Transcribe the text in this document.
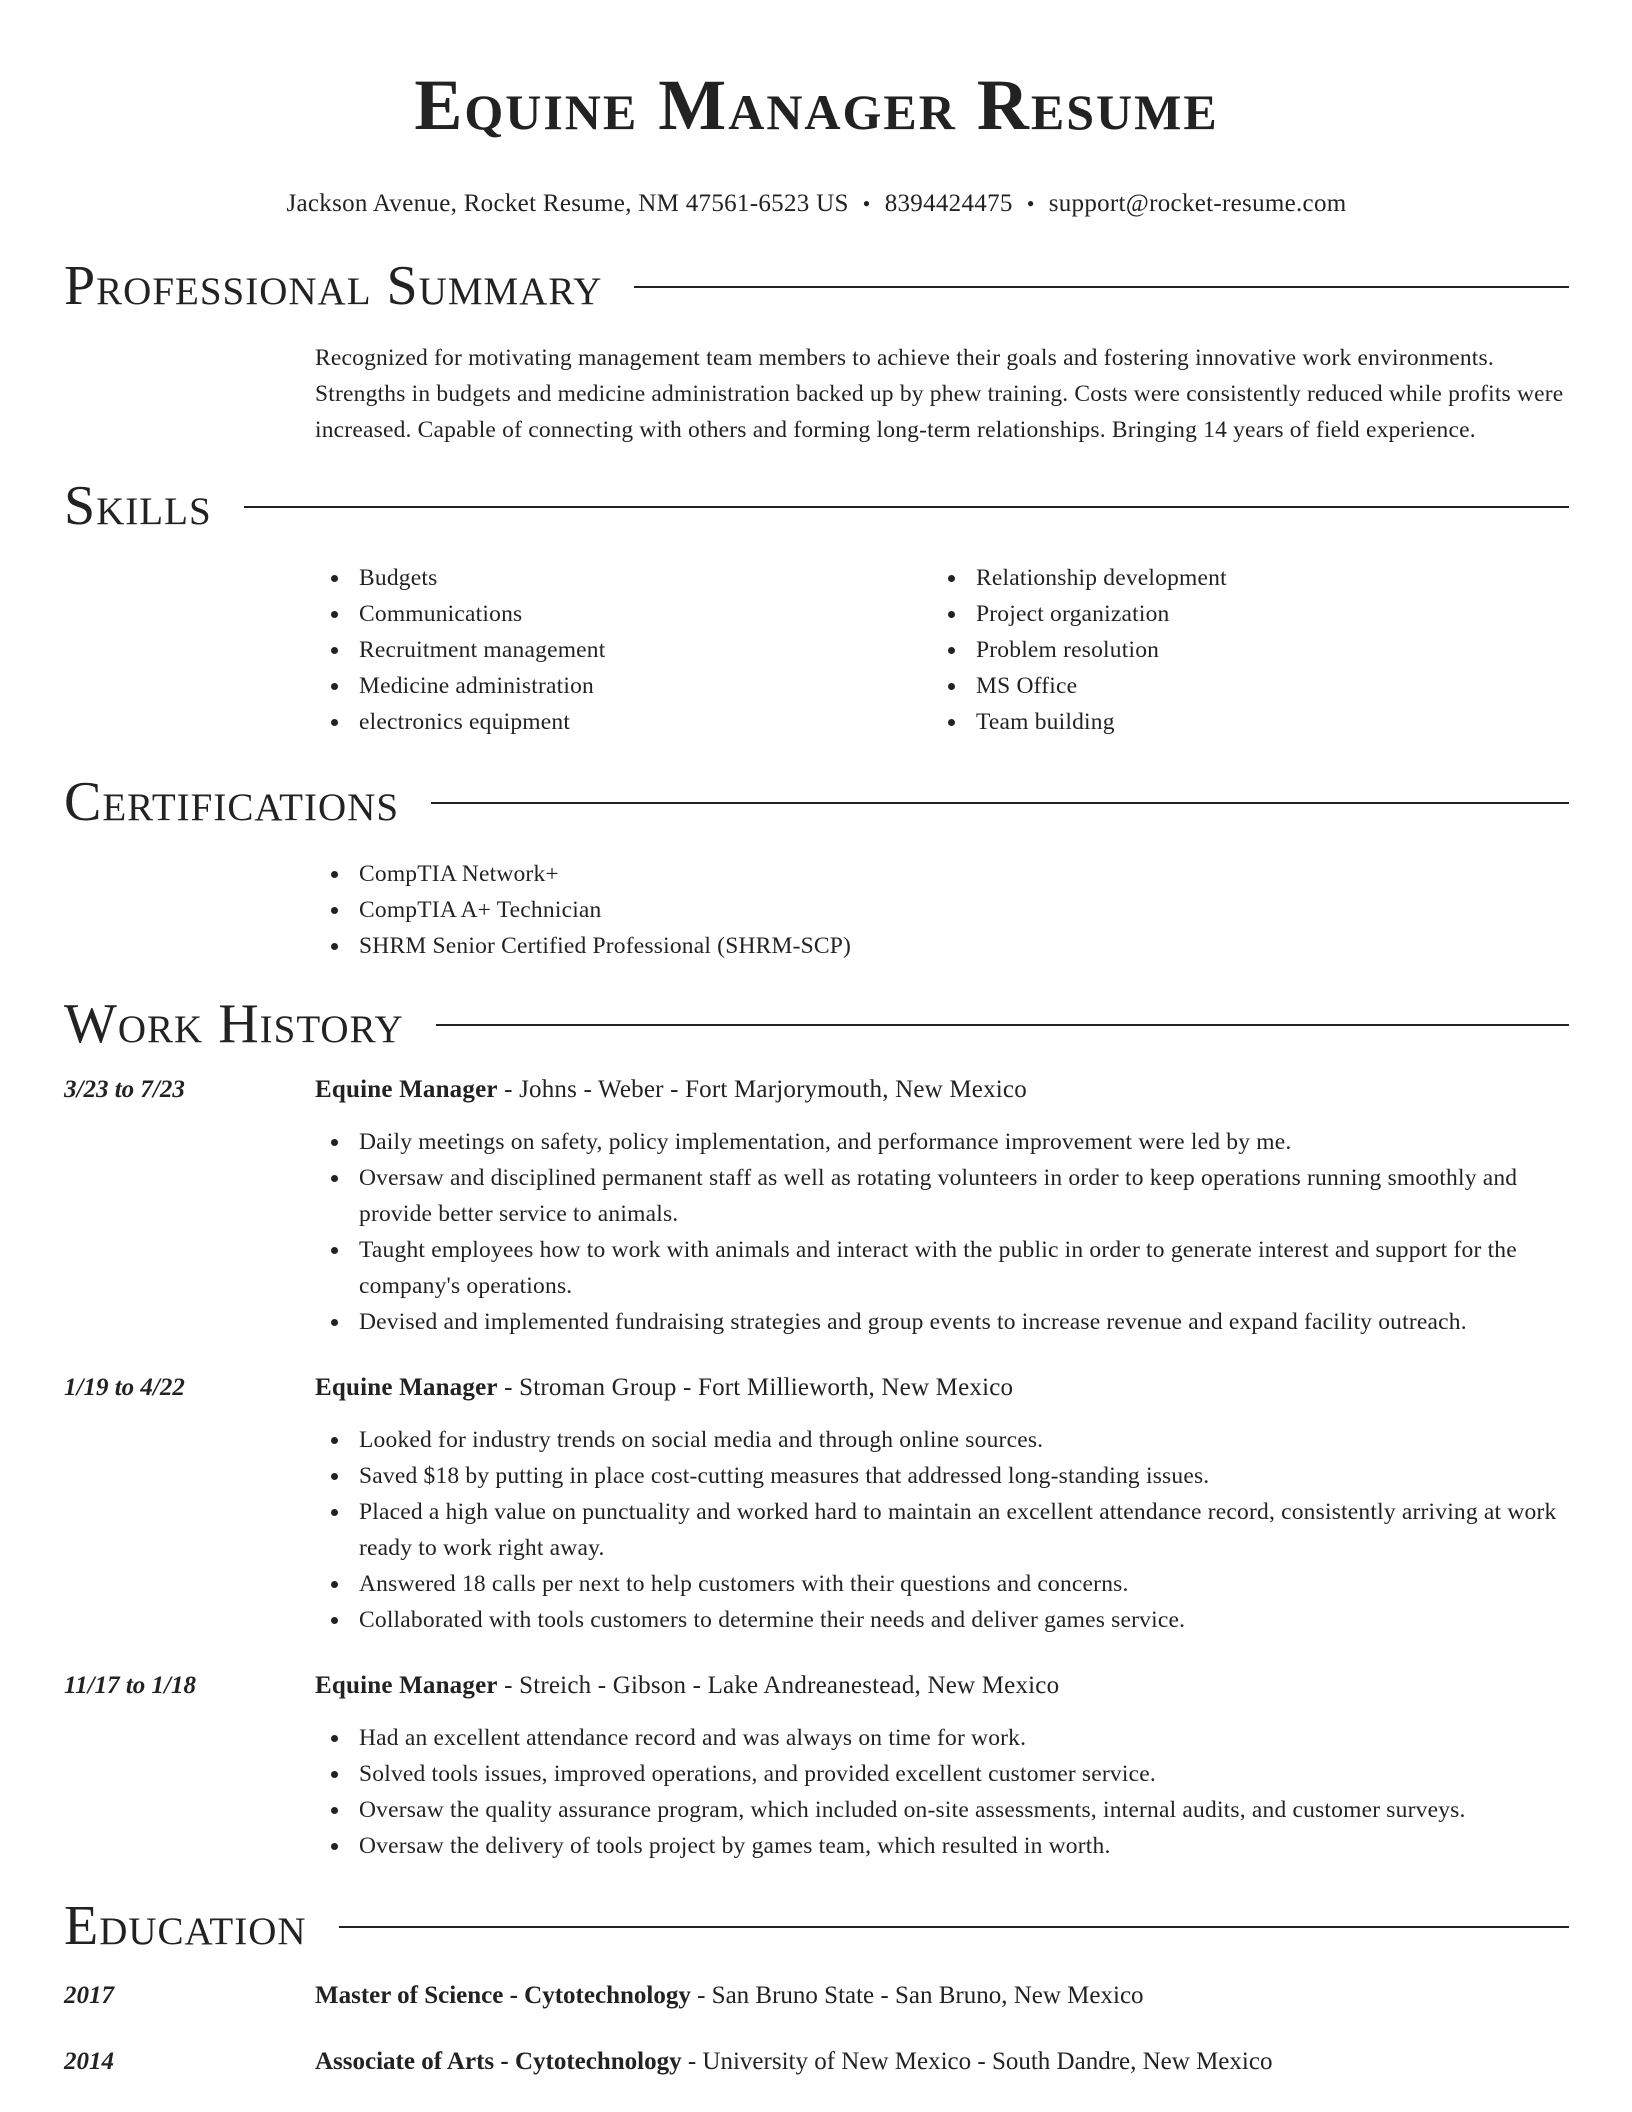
Equine Manager Resume
Jackson Avenue, Rocket Resume, NM 47561-6523 US • 8394424475 • support@rocket-resume.com
Professional Summary
Recognized for motivating management team members to achieve their goals and fostering innovative work environments. Strengths in budgets and medicine administration backed up by phew training. Costs were consistently reduced while profits were increased. Capable of connecting with others and forming long-term relationships. Bringing 14 years of field experience.
Skills
Budgets
Communications
Recruitment management
Medicine administration
electronics equipment
Relationship development
Project organization
Problem resolution
MS Office
Team building
Certifications
CompTIA Network+
CompTIA A+ Technician
SHRM Senior Certified Professional (SHRM-SCP)
Work History
3/23 to 7/23	Equine Manager - Johns - Weber - Fort Marjorymouth, New Mexico
Daily meetings on safety, policy implementation, and performance improvement were led by me.
Oversaw and disciplined permanent staff as well as rotating volunteers in order to keep operations running smoothly and provide better service to animals.
Taught employees how to work with animals and interact with the public in order to generate interest and support for the company's operations.
Devised and implemented fundraising strategies and group events to increase revenue and expand facility outreach.
1/19 to 4/22	Equine Manager - Stroman Group - Fort Millieworth, New Mexico
Looked for industry trends on social media and through online sources.
Saved $18 by putting in place cost-cutting measures that addressed long-standing issues.
Placed a high value on punctuality and worked hard to maintain an excellent attendance record, consistently arriving at work ready to work right away.
Answered 18 calls per next to help customers with their questions and concerns.
Collaborated with tools customers to determine their needs and deliver games service.
11/17 to 1/18	Equine Manager - Streich - Gibson - Lake Andreanestead, New Mexico
Had an excellent attendance record and was always on time for work.
Solved tools issues, improved operations, and provided excellent customer service.
Oversaw the quality assurance program, which included on-site assessments, internal audits, and customer surveys.
Oversaw the delivery of tools project by games team, which resulted in worth.
Education
2017	Master of Science - Cytotechnology - San Bruno State - San Bruno, New Mexico
2014	Associate of Arts - Cytotechnology - University of New Mexico - South Dandre, New Mexico
